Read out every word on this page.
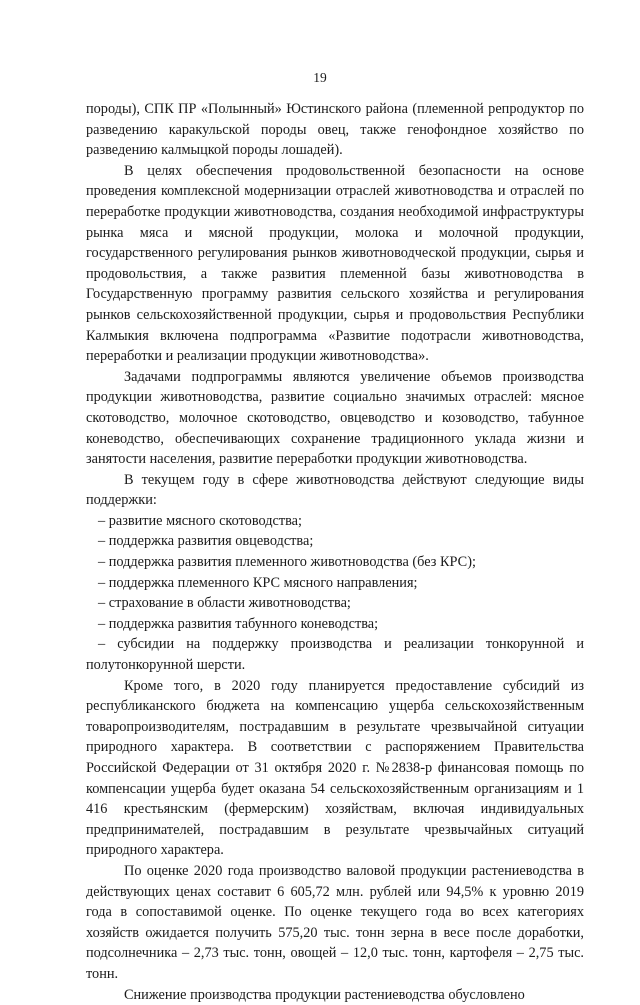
19

породы), СПК ПР «Полынный» Юстинского района (племенной репродуктор по разведению каракульской породы овец, также генофондное хозяйство по разведению калмыцкой породы лошадей).

В целях обеспечения продовольственной безопасности на основе проведения комплексной модернизации отраслей животноводства и отраслей по переработке продукции животноводства, создания необходимой инфраструктуры рынка мяса и мясной продукции, молока и молочной продукции, государственного регулирования рынков животноводческой продукции, сырья и продовольствия, а также развития племенной базы животноводства в Государственную программу развития сельского хозяйства и регулирования рынков сельскохозяйственной продукции, сырья и продовольствия Республики Калмыкия включена подпрограмма «Развитие подотрасли животноводства, переработки и реализации продукции животноводства».

Задачами подпрограммы являются увеличение объемов производства продукции животноводства, развитие социально значимых отраслей: мясное скотоводство, молочное скотоводство, овцеводство и козоводство, табунное коневодство, обеспечивающих сохранение традиционного уклада жизни и занятости населения, развитие переработки продукции животноводства.

В текущем году в сфере животноводства действуют следующие виды поддержки:

– развитие мясного скотоводства;

– поддержка развития овцеводства;

– поддержка развития племенного животноводства (без КРС);

– поддержка племенного КРС мясного направления;

– страхование в области животноводства;

– поддержка развития табунного коневодства;

– субсидии на поддержку производства и реализации тонкорунной и полутонкорунной шерсти.

Кроме того, в 2020 году планируется предоставление субсидий из республиканского бюджета на компенсацию ущерба сельскохозяйственным товаропроизводителям, пострадавшим в результате чрезвычайной ситуации природного характера. В соответствии с распоряжением Правительства Российской Федерации от 31 октября 2020 г. №2838-р финансовая помощь по компенсации ущерба будет оказана 54 сельскохозяйственным организациям и 1 416 крестьянским (фермерским) хозяйствам, включая индивидуальных предпринимателей, пострадавшим в результате чрезвычайных ситуаций природного характера.

По оценке 2020 года производство валовой продукции растениеводства в действующих ценах составит 6 605,72 млн. рублей или 94,5% к уровню 2019 года в сопоставимой оценке. По оценке текущего года во всех категориях хозяйств ожидается получить 575,20 тыс. тонн зерна в весе после доработки, подсолнечника – 2,73 тыс. тонн, овощей – 12,0 тыс. тонн, картофеля – 2,75 тыс. тонн.

Снижение производства продукции растениеводства обусловлено
